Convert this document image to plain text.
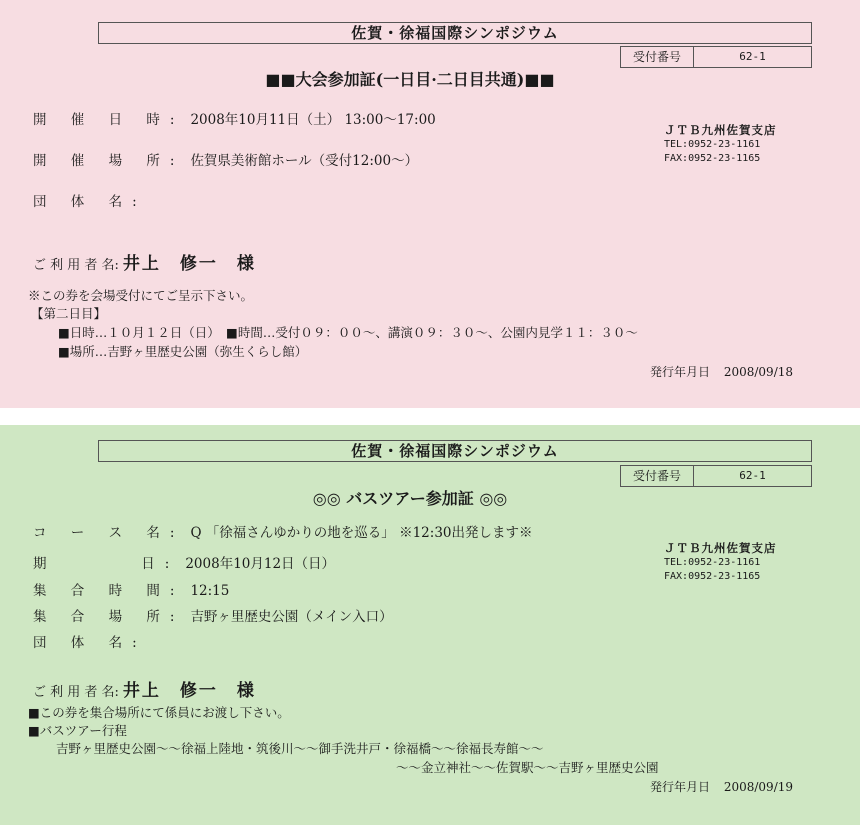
佐賀・徐福国際シンポジウム
受付番号	62-1
■■大会参加証(一日目·二日目共通)■■
開 催 日 時: 2008年10月11日（土） 13:00〜17:00
開 催 場 所: 佐賀県美術館ホール（受付12:00〜）
団 体 名:
ＪＴＢ九州佐賀支店
TEL:0952-23-1161
FAX:0952-23-1165
ご 利 用 者 名: 井上　修一　様
※この券を会場受付にてご呈示下さい。
【第二日目】
■日時…１０月１２日（日）　■時間…受付０９：００〜、講演０９：３０〜、公園内見学１１：３０〜
■場所…吉野ヶ里歴史公園（弥生くらし館）
発行年月日 2008/09/18
佐賀・徐福国際シンポジウム
受付番号	62-1
◎◎ バスツアー参加証 ◎◎
コ ー ス 名: Q 「徐福さんゆかりの地を巡る」 ※12:30出発します※
期　　　 日: 2008年10月12日（日）
集 合 時 間: 12:15
集 合 場 所: 吉野ヶ里歴史公園（メイン入口）
団 体 名:
ＪＴＢ九州佐賀支店
TEL:0952-23-1161
FAX:0952-23-1165
ご 利 用 者 名: 井上　修一　様
■この券を集合場所にて係員にお渡し下さい。
■バスツアー行程
吉野ヶ里歴史公園〜〜徐福上陸地・筑後川〜〜御手洗井戸・徐福橋〜〜徐福長寿館〜〜
〜〜金立神社〜〜佐賀駅〜〜吉野ヶ里歴史公園
発行年月日 2008/09/19
